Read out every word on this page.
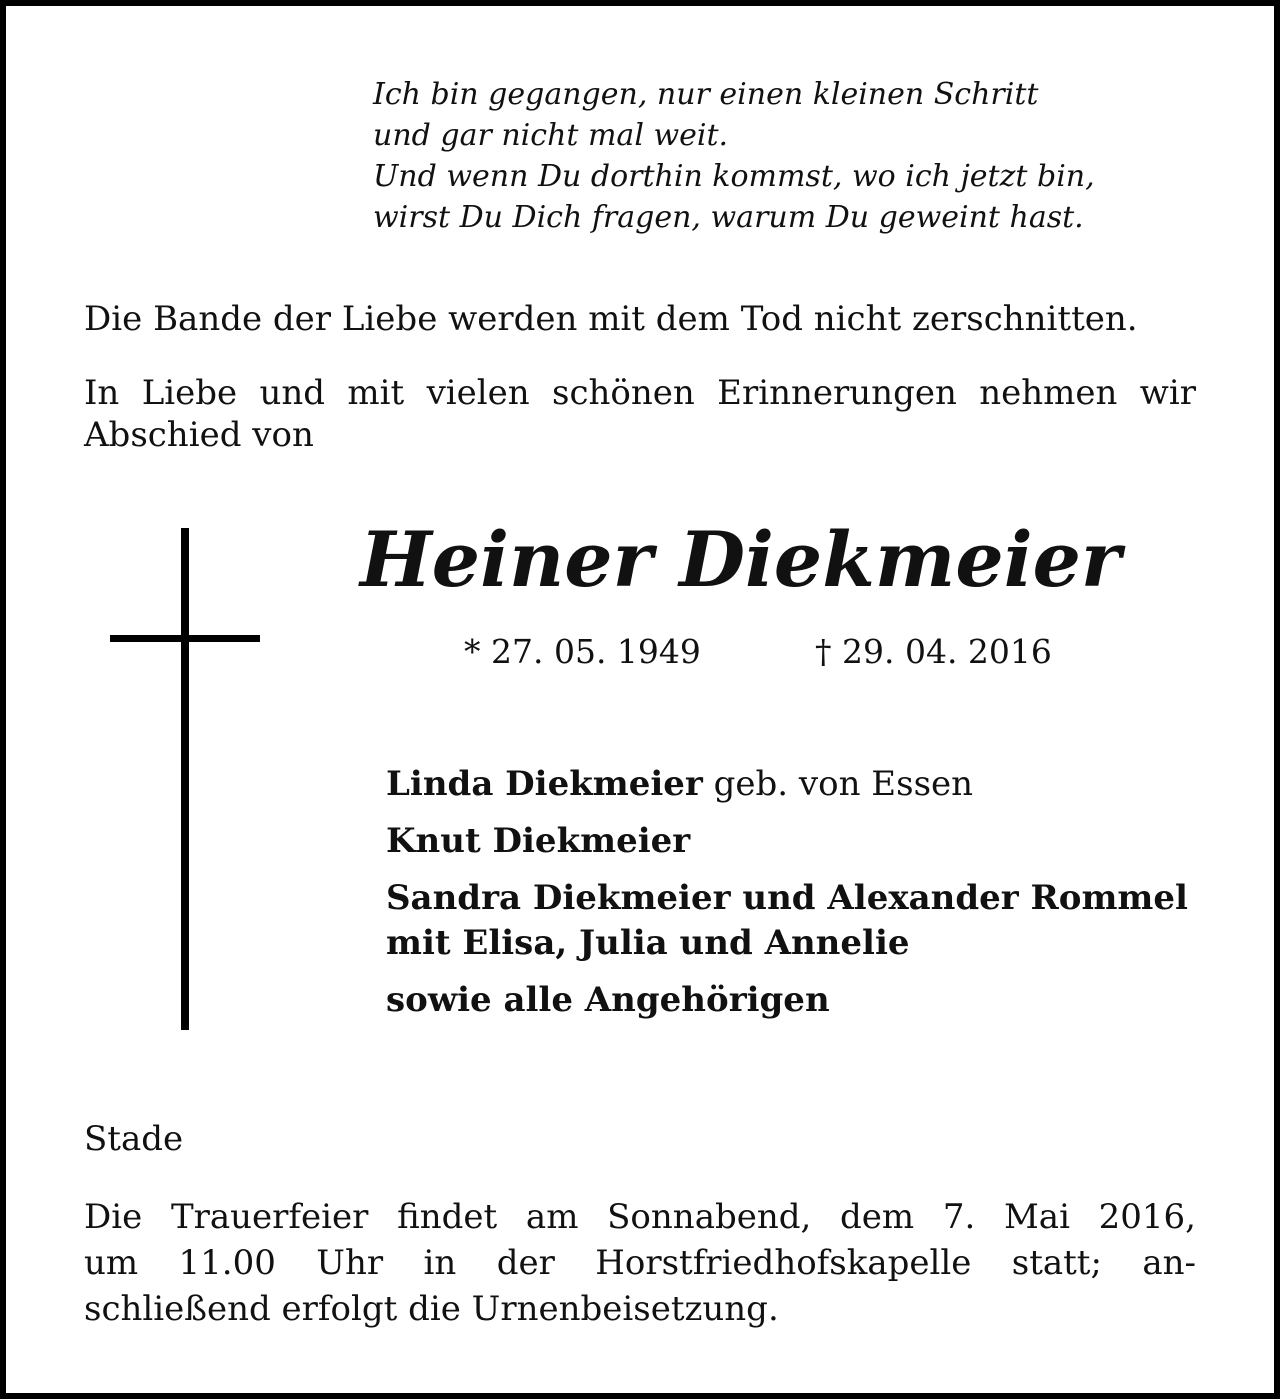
Ich bin gegangen, nur einen kleinen Schritt
und gar nicht mal weit.
Und wenn Du dorthin kommst, wo ich jetzt bin,
wirst Du Dich fragen, warum Du geweint hast.

Die Bande der Liebe werden mit dem Tod nicht zerschnitten.

In Liebe und mit vielen schönen Erinnerungen nehmen wir Abschied von

Heiner Diekmeier
* 27. 05. 1949	† 29. 04. 2016
Linda Diekmeier geb. von Essen
Knut Diekmeier
Sandra Diekmeier und Alexander Rommel
mit Elisa, Julia und Annelie
sowie alle Angehörigen
Stade
Die Trauerfeier findet am Sonnabend, dem 7. Mai 2016,
um 11.00 Uhr in der Horstfriedhofskapelle statt; an-
schließend erfolgt die Urnenbeisetzung.
